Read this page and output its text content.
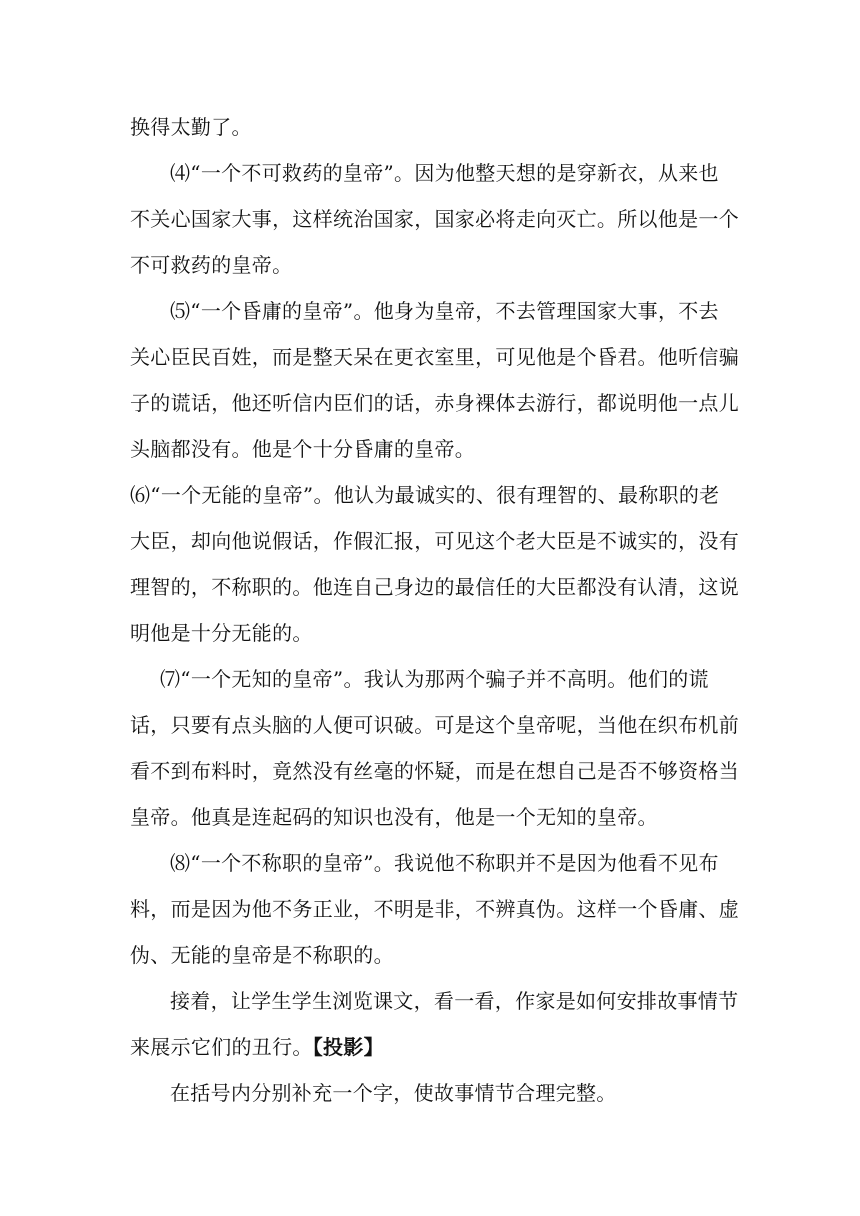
换得太勤了。
⑷“一个不可救药的皇帝”。因为他整天想的是穿新衣，从来也
不关心国家大事，这样统治国家，国家必将走向灭亡。所以他是一个
不可救药的皇帝。
⑸“一个昏庸的皇帝”。他身为皇帝，不去管理国家大事，不去
关心臣民百姓，而是整天呆在更衣室里，可见他是个昏君。他听信骗
子的谎话，他还听信内臣们的话，赤身裸体去游行，都说明他一点儿
头脑都没有。他是个十分昏庸的皇帝。
⑹“一个无能的皇帝”。他认为最诚实的、很有理智的、最称职的老
大臣，却向他说假话，作假汇报，可见这个老大臣是不诚实的，没有
理智的，不称职的。他连自己身边的最信任的大臣都没有认清，这说
明他是十分无能的。
⑺“一个无知的皇帝”。我认为那两个骗子并不高明。他们的谎
话，只要有点头脑的人便可识破。可是这个皇帝呢，当他在织布机前
看不到布料时，竟然没有丝毫的怀疑，而是在想自己是否不够资格当
皇帝。他真是连起码的知识也没有，他是一个无知的皇帝。
⑻“一个不称职的皇帝”。我说他不称职并不是因为他看不见布
料，而是因为他不务正业，不明是非，不辨真伪。这样一个昏庸、虚
伪、无能的皇帝是不称职的。
接着，让学生学生浏览课文，看一看，作家是如何安排故事情节
来展示它们的丑行。【投影】
在括号内分别补充一个字，使故事情节合理完整。
